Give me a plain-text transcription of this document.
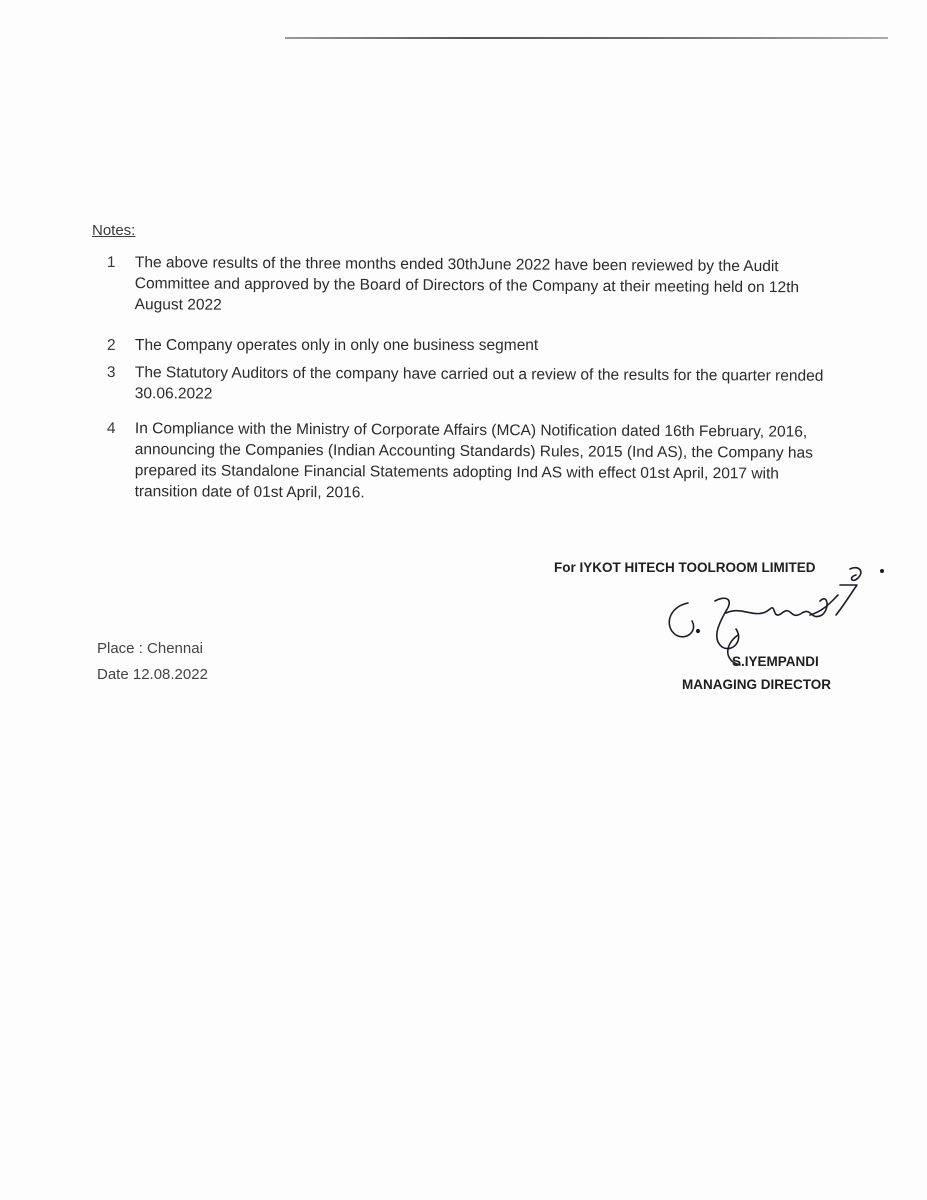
Notes:
1	The above results of the three months ended 30thJune 2022 have been reviewed by the Audit Committee and approved by the Board of Directors of the Company at their meeting held on 12th August 2022
2	The Company operates only in only one business segment
3	The Statutory Auditors of the company have carried out a review of the results for the quarter rended 30.06.2022
4	In Compliance with the Ministry of Corporate Affairs (MCA) Notification dated 16th February, 2016, announcing the Companies (Indian Accounting Standards) Rules, 2015 (Ind AS), the Company has prepared its Standalone Financial Statements adopting Ind AS with effect 01st April, 2017 with transition date of 01st April, 2016.
For IYKOT HITECH TOOLROOM LIMITED
S.IYEMPANDI
MANAGING DIRECTOR
Place : Chennai
Date 12.08.2022
